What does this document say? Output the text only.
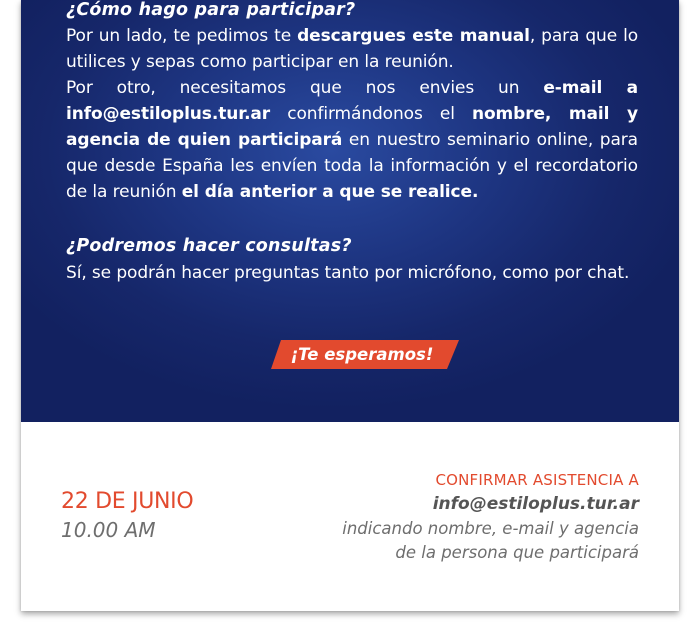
¿Cómo hago para participar?

Por un lado, te pedimos te descargues este manual, para que lo utilices y sepas como participar en la reunión.
Por otro, necesitamos que nos envies un e-mail a info@estiloplus.tur.ar confirmándonos el nombre, mail y agencia de quien participará en nuestro seminario online, para que desde España les envíen toda la información y el recordatorio de la reunión el día anterior a que se realice.

¿Podremos hacer consultas?

Sí, se podrán hacer preguntas tanto por micrófono, como por chat.

¡Te esperamos!
22 DE JUNIO
10.00 AM
CONFIRMAR ASISTENCIA A
info@estiloplus.tur.ar
indicando nombre, e-mail y agencia
de la persona que participará
